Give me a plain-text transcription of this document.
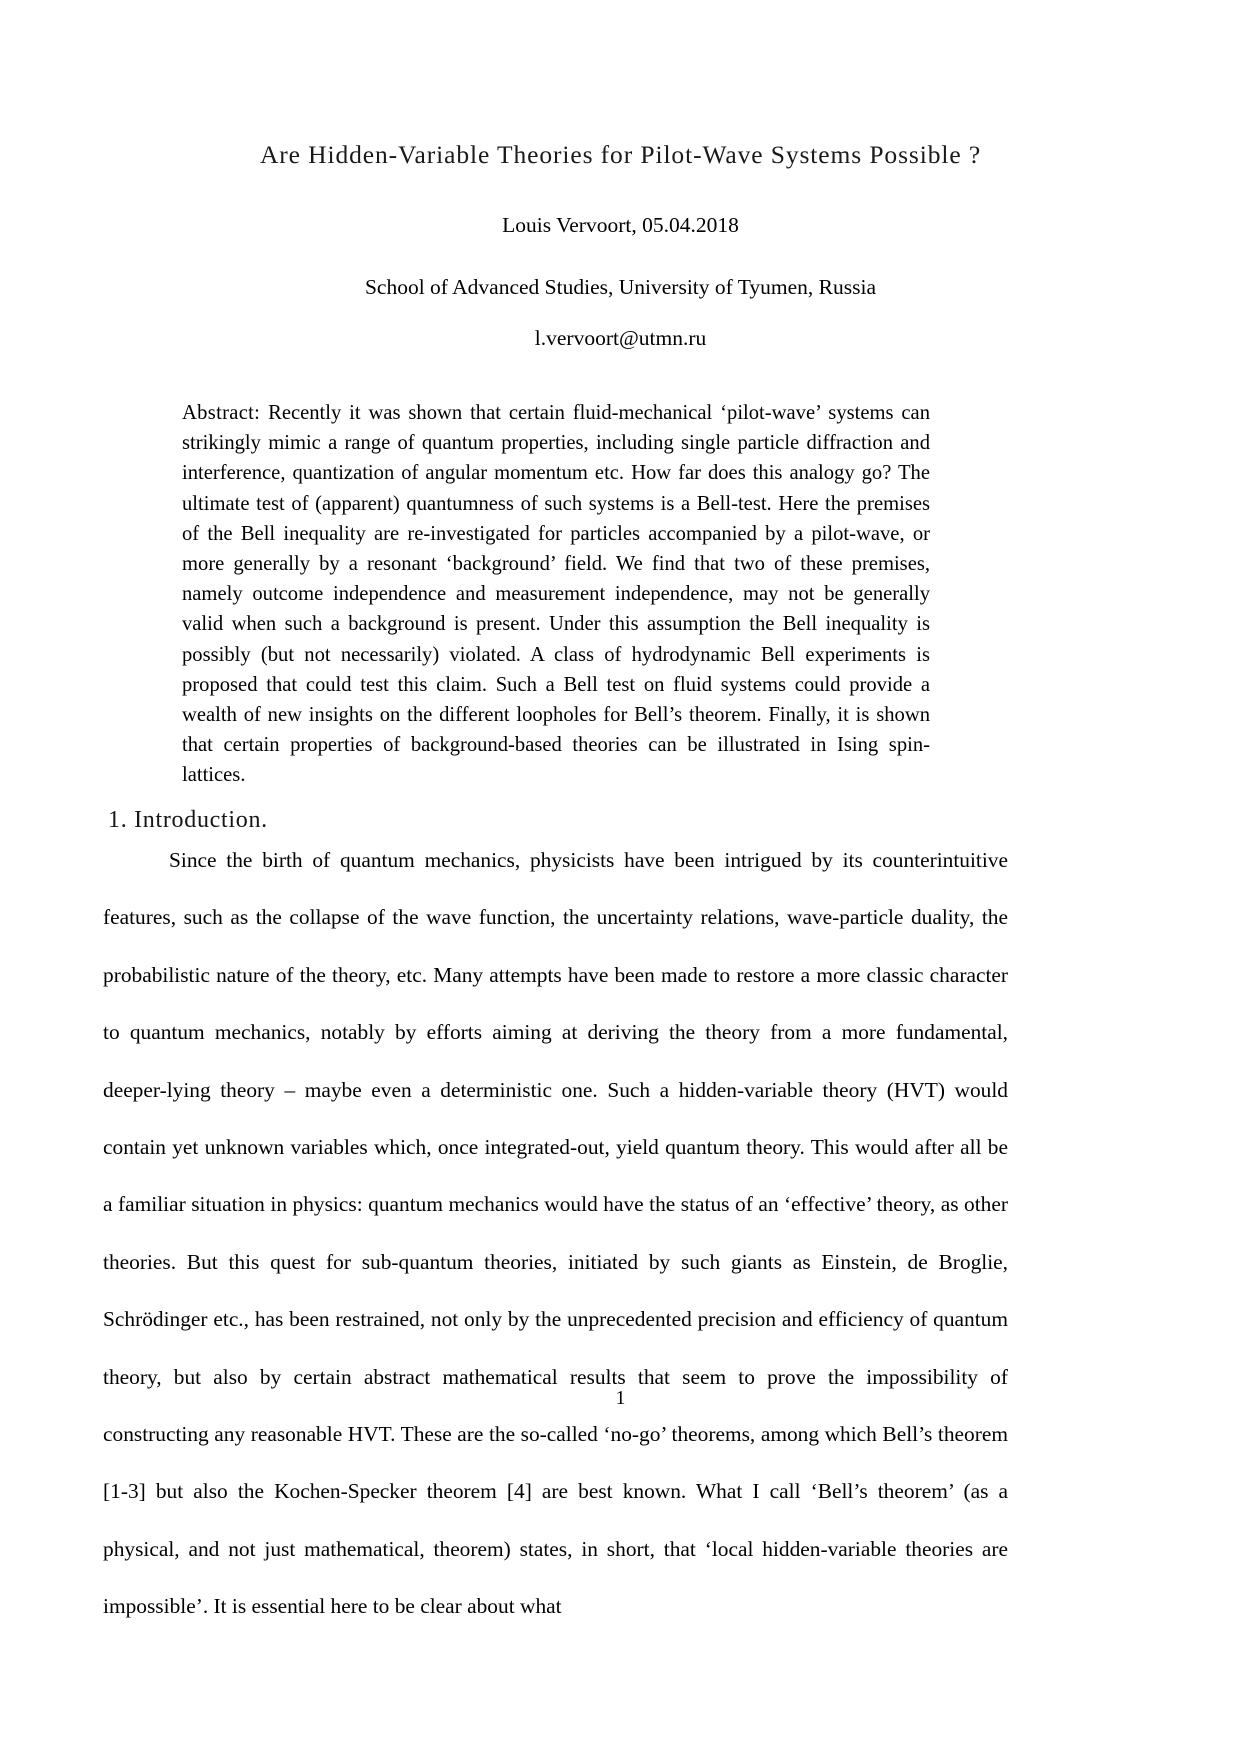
Are Hidden-Variable Theories for Pilot-Wave Systems Possible ?
Louis Vervoort, 05.04.2018
School of Advanced Studies, University of Tyumen, Russia
l.vervoort@utmn.ru
Abstract: Recently it was shown that certain fluid-mechanical ‘pilot-wave’ systems can strikingly mimic a range of quantum properties, including single particle diffraction and interference, quantization of angular momentum etc. How far does this analogy go? The ultimate test of (apparent) quantumness of such systems is a Bell-test. Here the premises of the Bell inequality are re-investigated for particles accompanied by a pilot-wave, or more generally by a resonant ‘background’ field. We find that two of these premises, namely outcome independence and measurement independence, may not be generally valid when such a background is present. Under this assumption the Bell inequality is possibly (but not necessarily) violated. A class of hydrodynamic Bell experiments is proposed that could test this claim. Such a Bell test on fluid systems could provide a wealth of new insights on the different loopholes for Bell’s theorem. Finally, it is shown that certain properties of background-based theories can be illustrated in Ising spin-lattices.
1. Introduction.
Since the birth of quantum mechanics, physicists have been intrigued by its counterintuitive features, such as the collapse of the wave function, the uncertainty relations, wave-particle duality, the probabilistic nature of the theory, etc. Many attempts have been made to restore a more classic character to quantum mechanics, notably by efforts aiming at deriving the theory from a more fundamental, deeper-lying theory – maybe even a deterministic one. Such a hidden-variable theory (HVT) would contain yet unknown variables which, once integrated-out, yield quantum theory. This would after all be a familiar situation in physics: quantum mechanics would have the status of an ‘effective’ theory, as other theories. But this quest for sub-quantum theories, initiated by such giants as Einstein, de Broglie, Schrödinger etc., has been restrained, not only by the unprecedented precision and efficiency of quantum theory, but also by certain abstract mathematical results that seem to prove the impossibility of constructing any reasonable HVT. These are the so-called ‘no-go’ theorems, among which Bell’s theorem [1-3] but also the Kochen-Specker theorem [4] are best known. What I call ‘Bell’s theorem’ (as a physical, and not just mathematical, theorem) states, in short, that ‘local hidden-variable theories are impossible’. It is essential here to be clear about what
1
